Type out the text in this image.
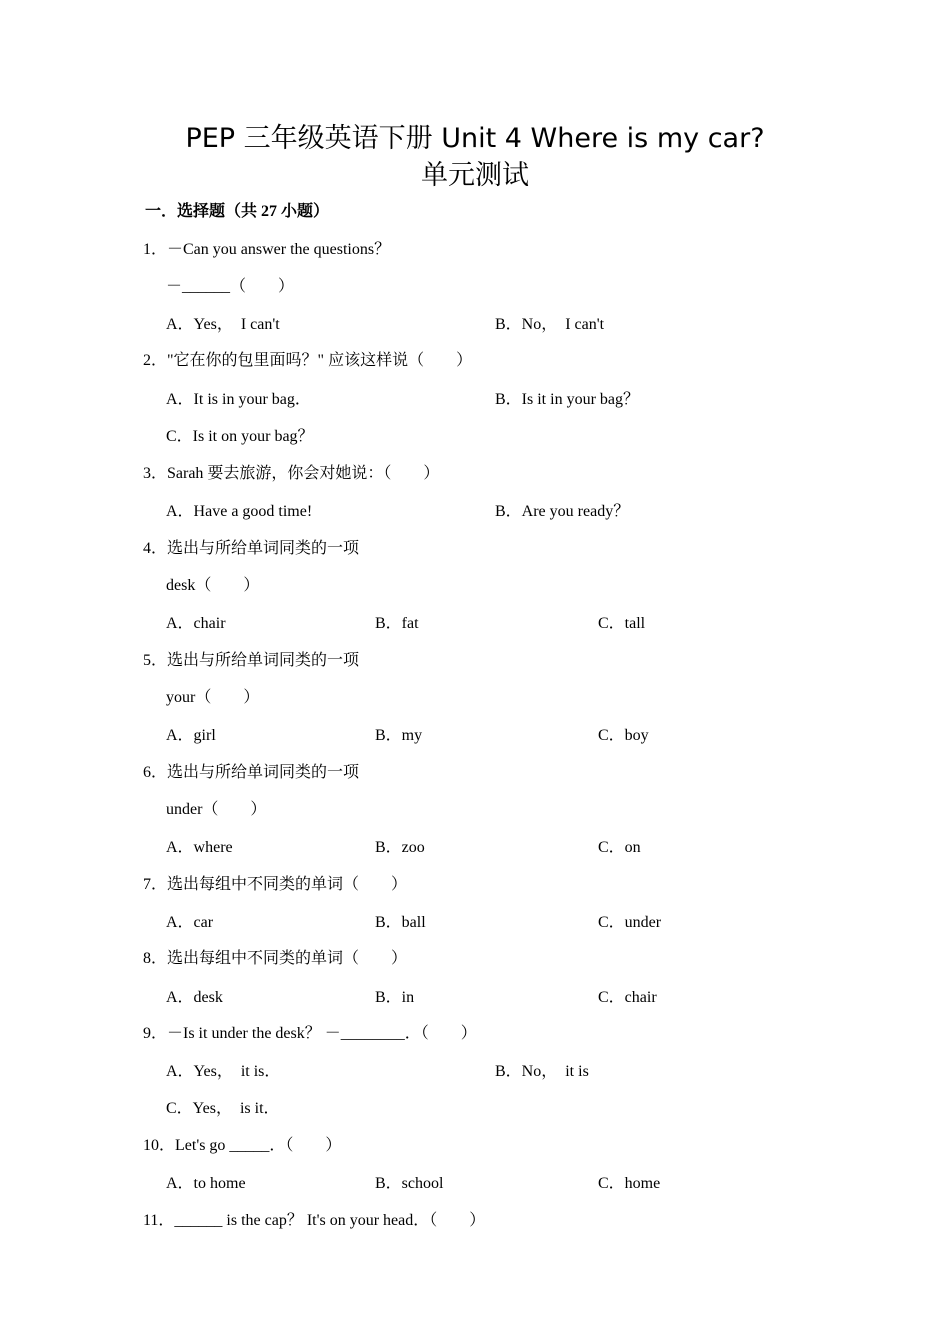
PEP 三年级英语下册 Unit 4 Where is my car?
单元测试
一．选择题（共 27 小题）
1．－Can you answer the questions？
－______（　　）
A．Yes，  I can't	B．No，  I can't
2．"它在你的包里面吗？" 应该这样说（　　）
A．It is in your bag．	B．Is it in your bag？
C．Is it on your bag？
3．Sarah 要去旅游，你会对她说：（　　）
A．Have a good time!	B．Are you ready？
4．选出与所给单词同类的一项
desk（　　）
A．chair	B．fat	C．tall
5．选出与所给单词同类的一项
your（　　）
A．girl	B．my	C．boy
6．选出与所给单词同类的一项
under（　　）
A．where	B．zoo	C．on
7．选出每组中不同类的单词（　　）
A．car	B．ball	C．under
8．选出每组中不同类的单词（　　）
A．desk	B．in	C．chair
9．－Is it under the desk？ －________．（　　）
A．Yes，  it is．	B．No，  it is
C．Yes，  is it．
10．Let's go _____．（　　）
A．to home	B．school	C．home
11．______ is the cap？ It's on your head．（　　）
